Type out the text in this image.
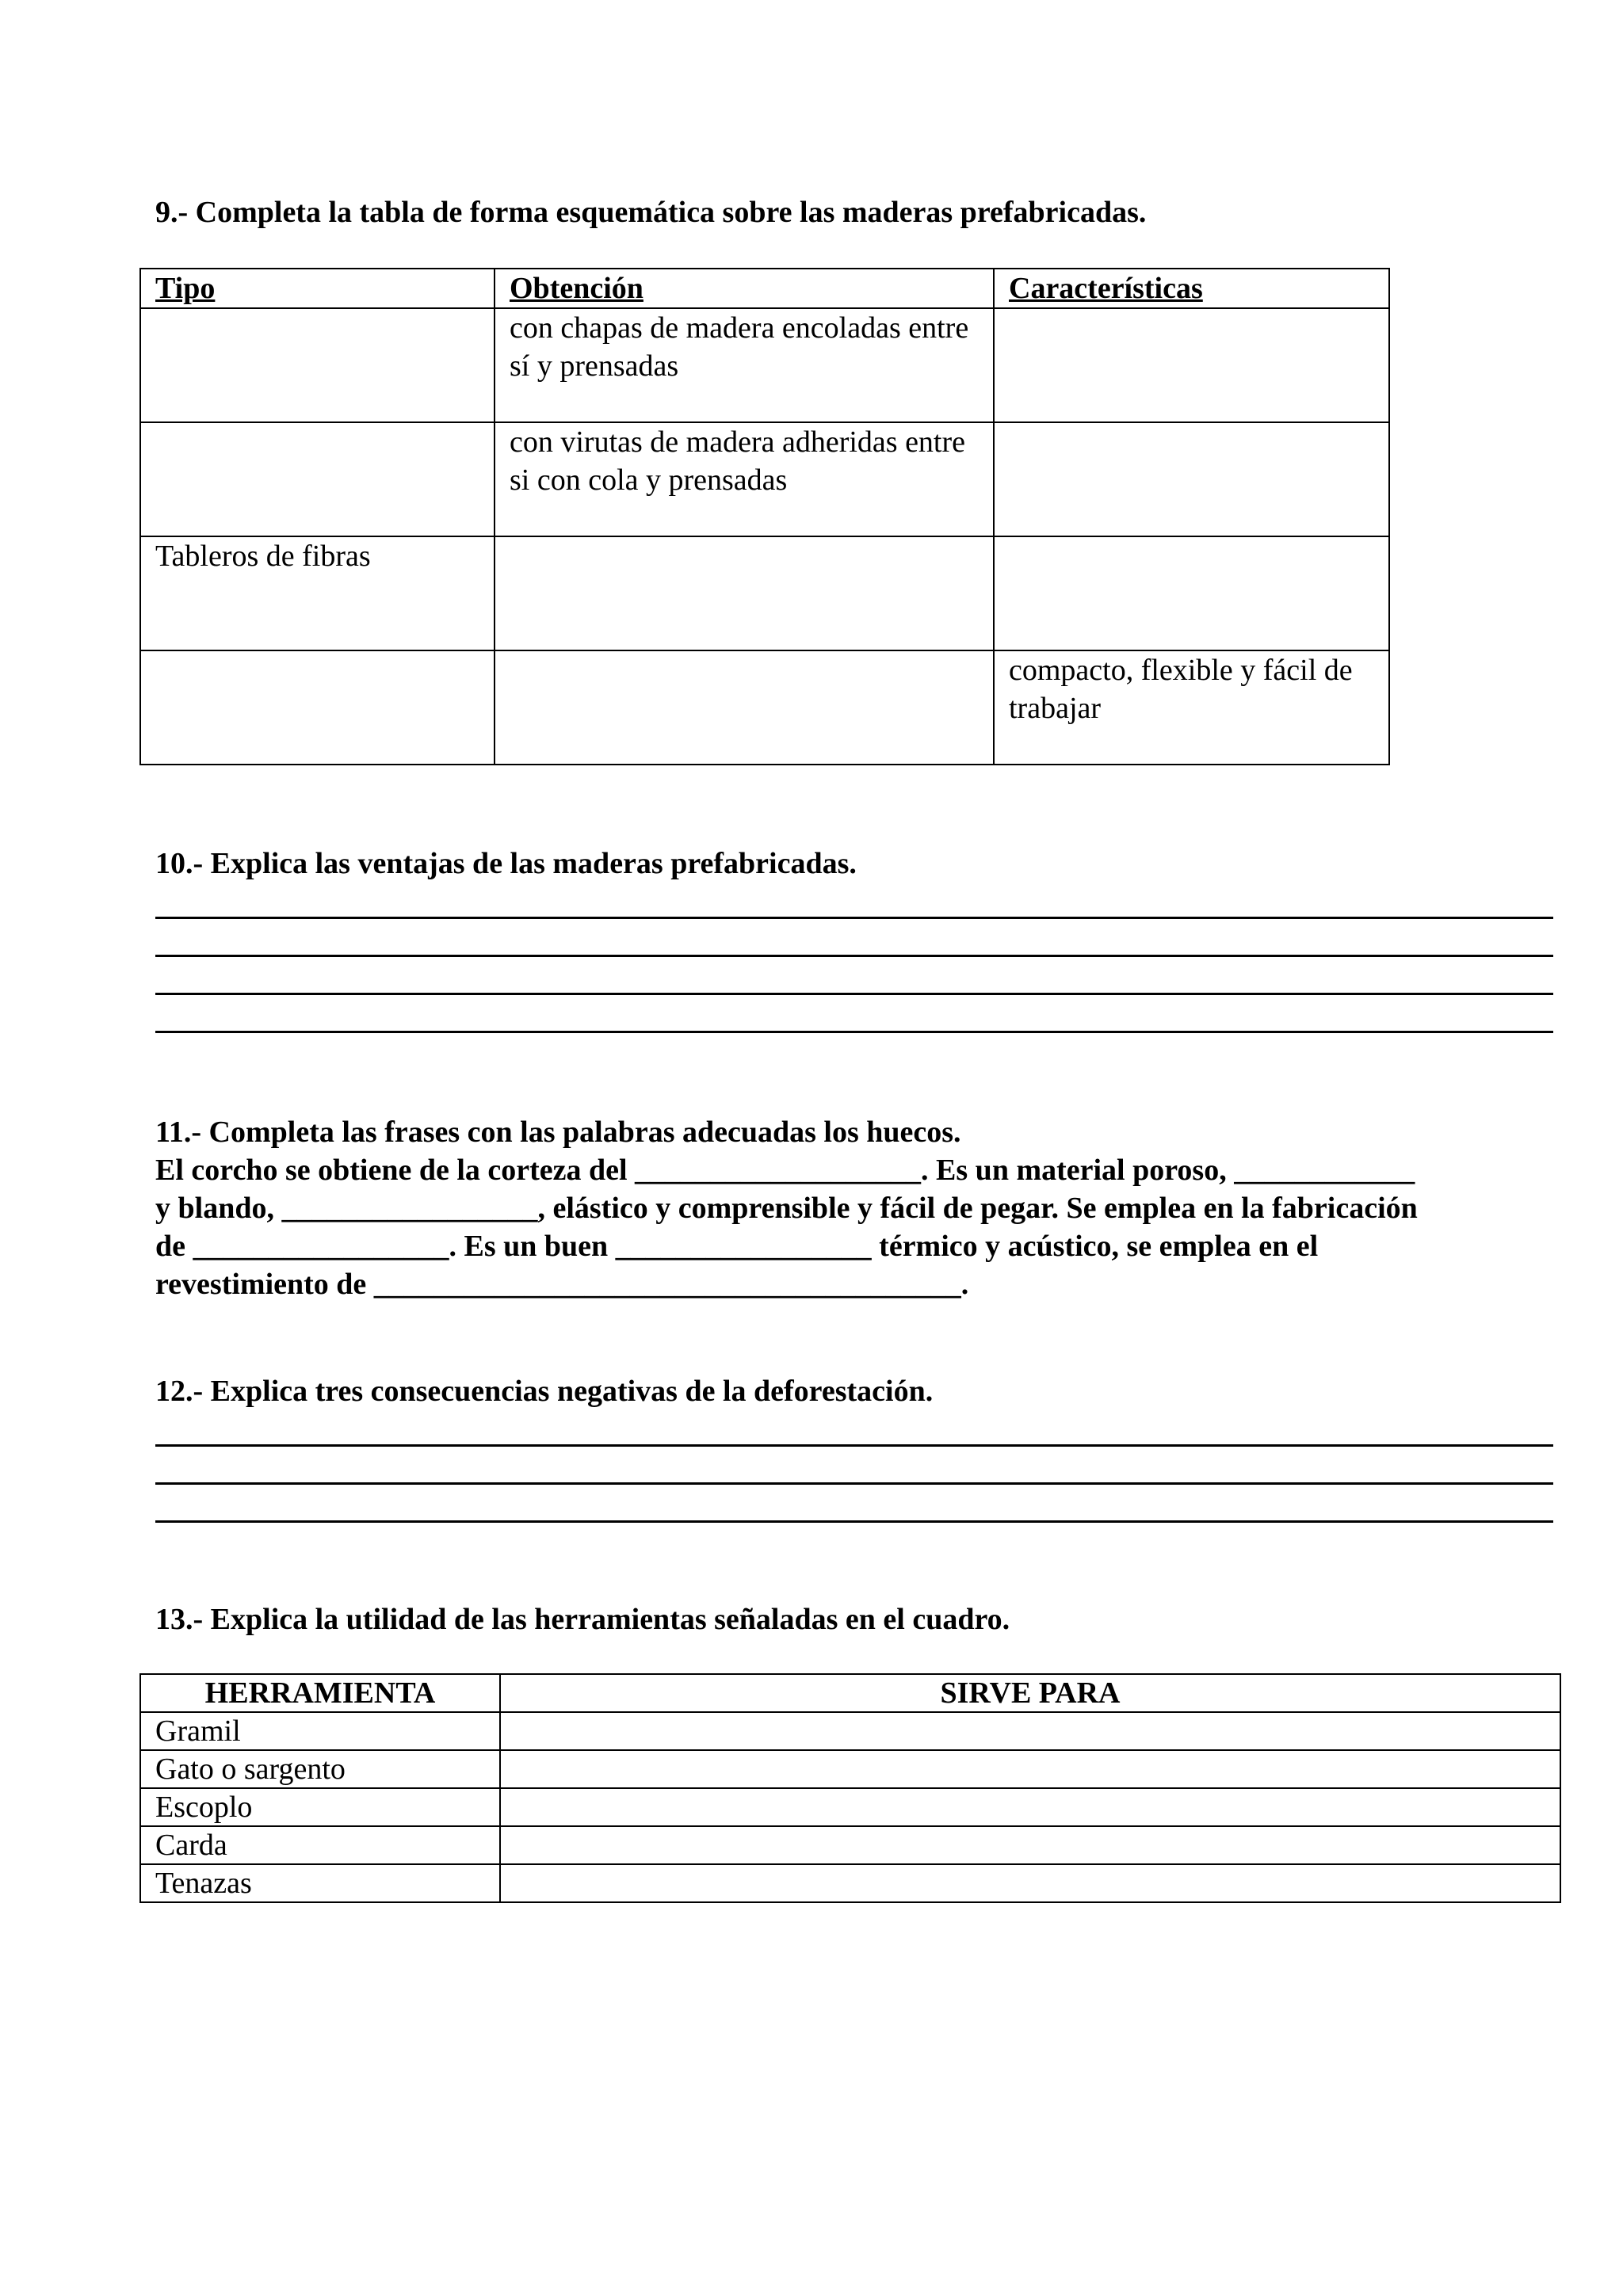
9.- Completa la tabla de forma esquemática sobre las maderas prefabricadas.
Tipo	Obtención	Características
	con chapas de madera encoladas entre sí y prensadas	
	con virutas de madera adheridas entre si con cola y prensadas	
Tableros de fibras		
		compacto, flexible y fácil de trabajar
10.- Explica las ventajas de las maderas prefabricadas.
11.- Completa las frases con las palabras adecuadas los huecos.
El corcho se obtiene de la corteza del ___________________. Es un material poroso, ____________
y blando, _________________, elástico y comprensible y fácil de pegar. Se emplea en la fabricación
de _________________. Es un buen _________________ térmico y acústico, se emplea en el
revestimiento de _______________________________________.
12.- Explica tres consecuencias negativas de la deforestación.
13.- Explica la utilidad de las herramientas señaladas en el cuadro.
HERRAMIENTA	SIRVE PARA
Gramil	
Gato o sargento	
Escoplo	
Carda	
Tenazas	
